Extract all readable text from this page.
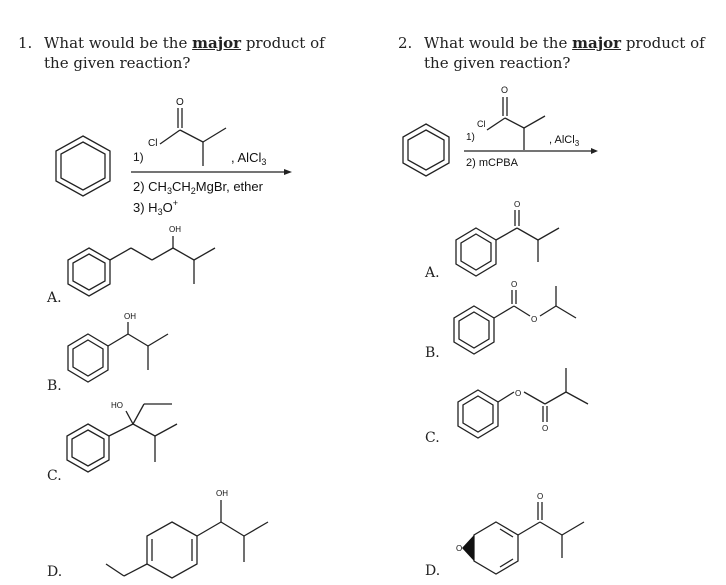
1. What would be the major product of the given reaction?
2. What would be the major product of the given reaction?
A.
B.
C.
D.
A.
B.
C.
D.
Cl
O
1)	, AlCl$_3$
2) $CH_3CH_2MgBr$, ether
3) $H_3O^+$
OH
OH
HO
OH
Cl
O
1)	, AlCl$_3$
2) mCPBA
O
O
O
O
O
O
O
